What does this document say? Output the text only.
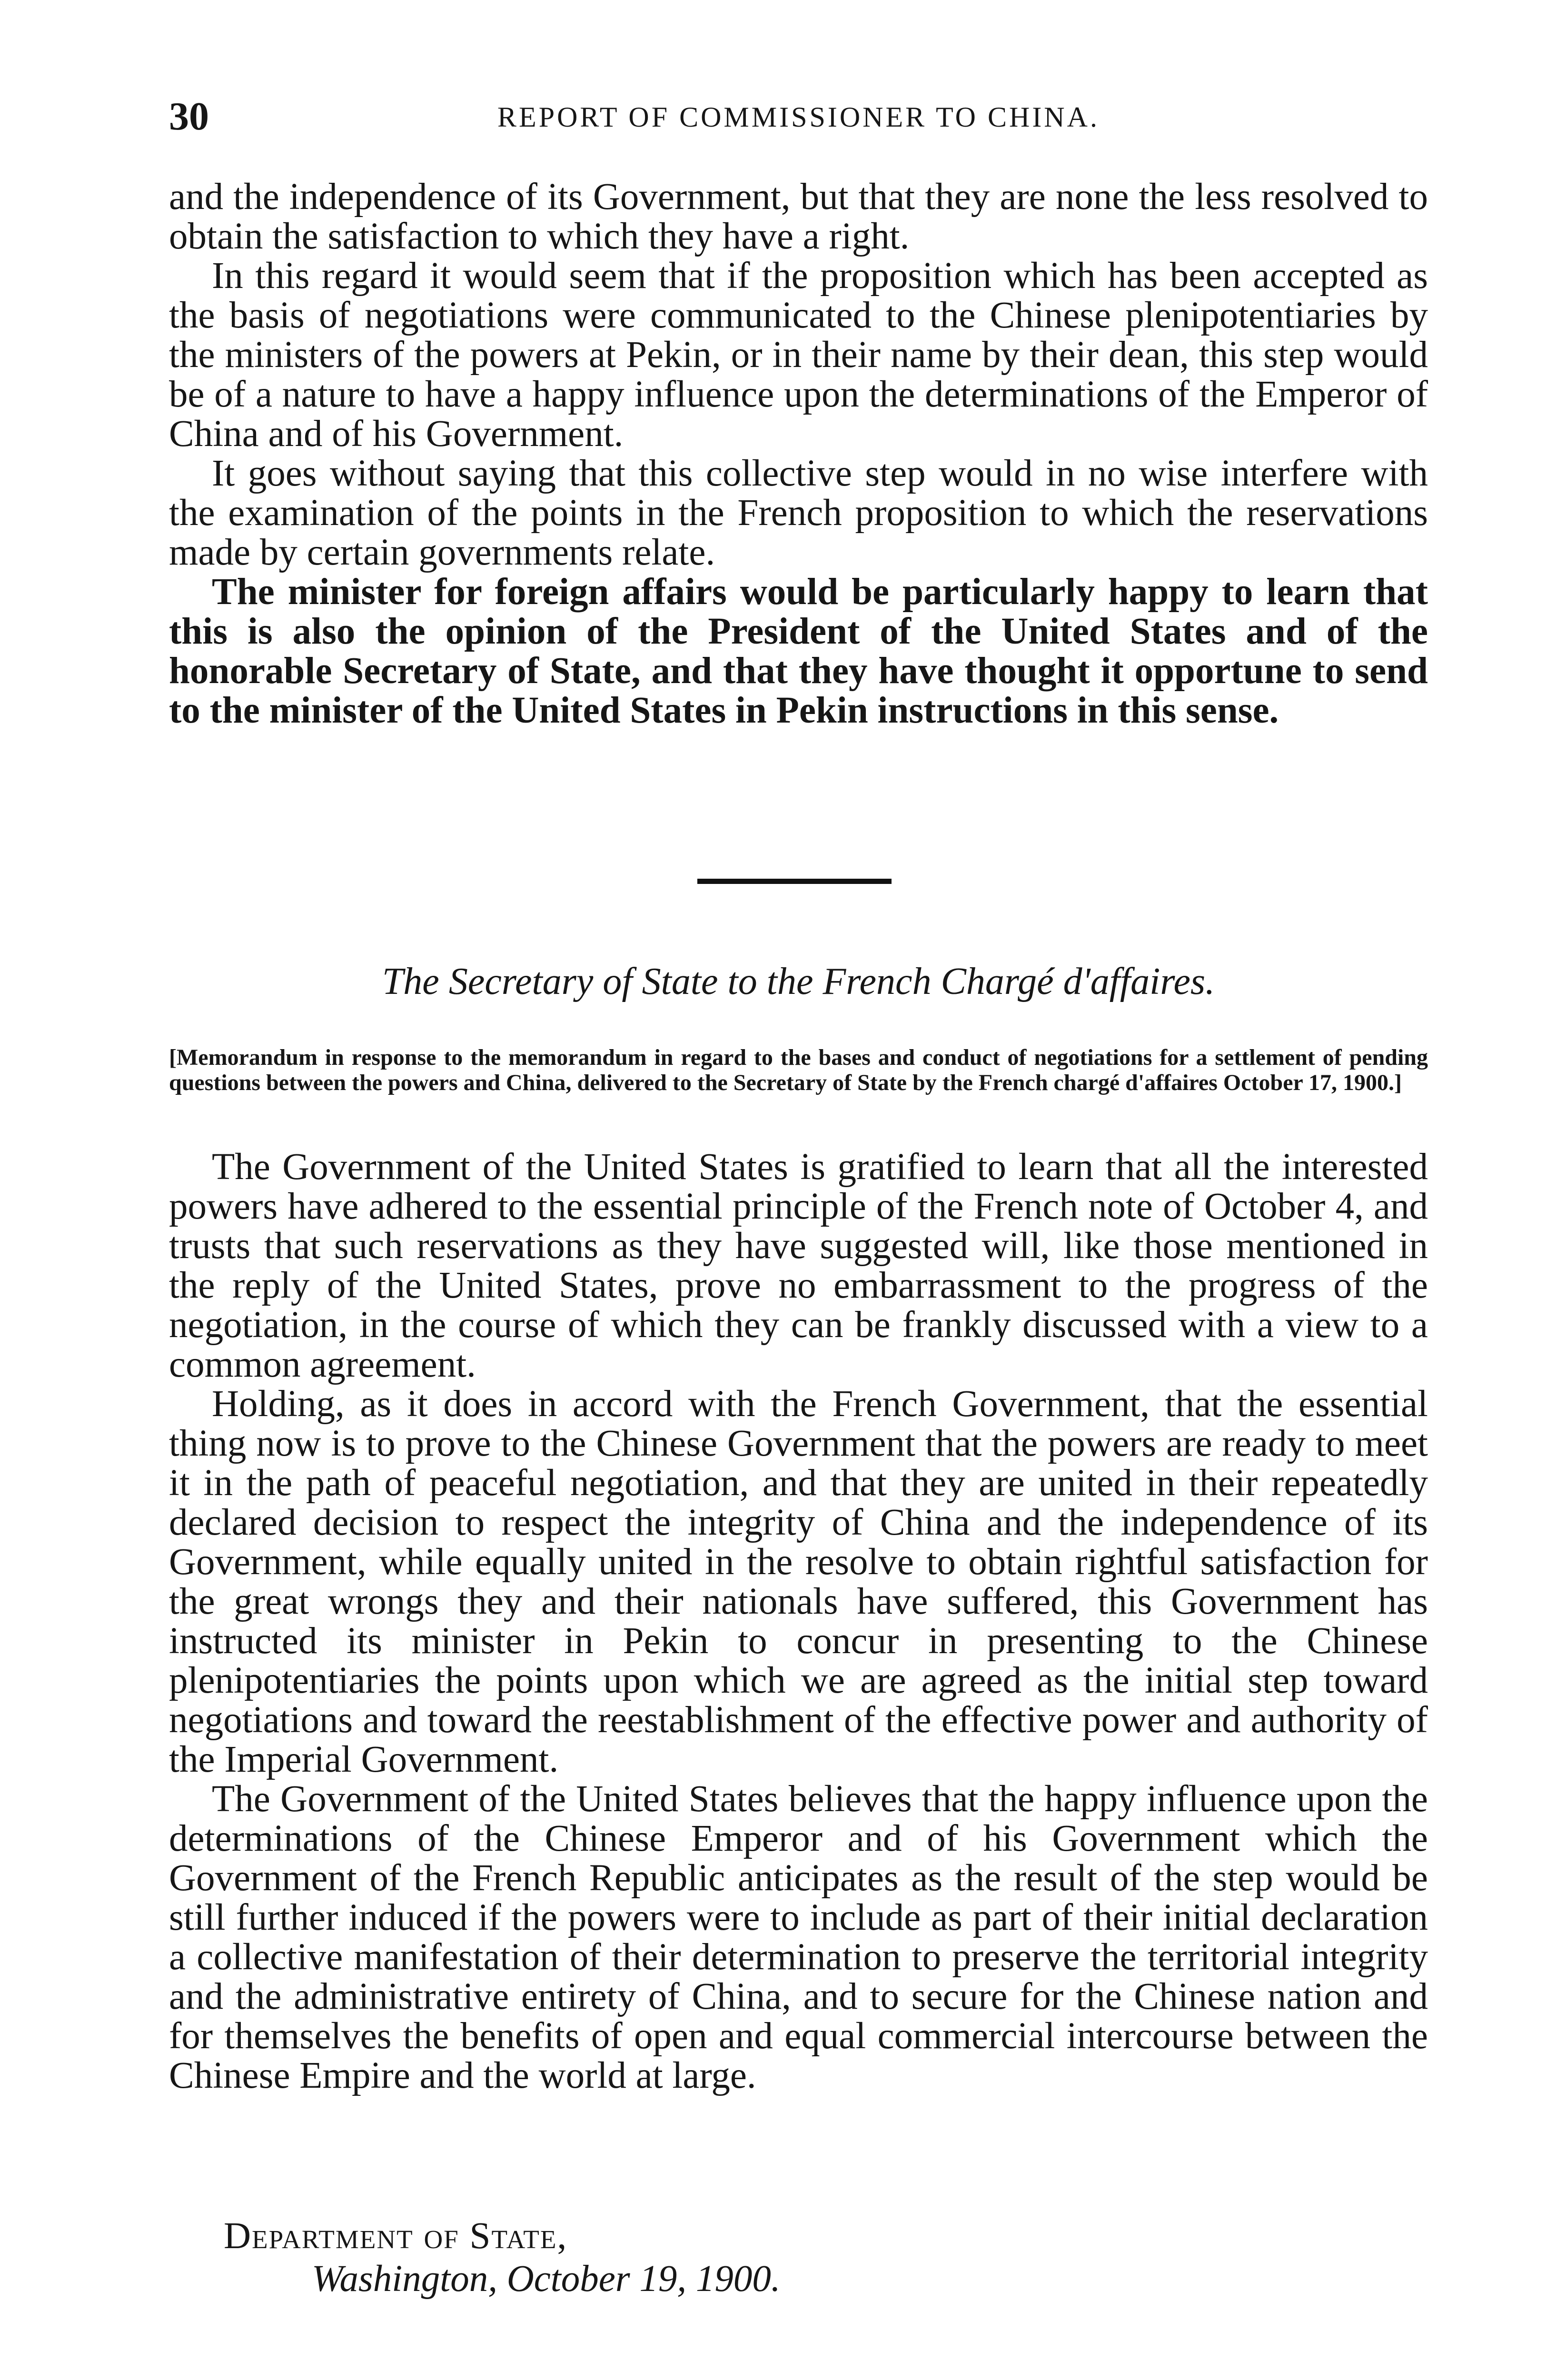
30	REPORT OF COMMISSIONER TO CHINA.

and the independence of its Government, but that they are none the less resolved to obtain the satisfaction to which they have a right.

In this regard it would seem that if the proposition which has been accepted as the basis of negotiations were communicated to the Chinese plenipotentiaries by the ministers of the powers at Pekin, or in their name by their dean, this step would be of a nature to have a happy influence upon the determinations of the Emperor of China and of his Government.

It goes without saying that this collective step would in no wise interfere with the examination of the points in the French proposition to which the reservations made by certain governments relate.

The minister for foreign affairs would be particularly happy to learn that this is also the opinion of the President of the United States and of the honorable Secretary of State, and that they have thought it opportune to send to the minister of the United States in Pekin instructions in this sense.

The Secretary of State to the French Chargé d'affaires.

[Memorandum in response to the memorandum in regard to the bases and conduct of negotiations for a settlement of pending questions between the powers and China, delivered to the Secretary of State by the French chargé d'affaires October 17, 1900.]

The Government of the United States is gratified to learn that all the interested powers have adhered to the essential principle of the French note of October 4, and trusts that such reservations as they have suggested will, like those mentioned in the reply of the United States, prove no embarrassment to the progress of the negotiation, in the course of which they can be frankly discussed with a view to a common agreement.

Holding, as it does in accord with the French Government, that the essential thing now is to prove to the Chinese Government that the powers are ready to meet it in the path of peaceful negotiation, and that they are united in their repeatedly declared decision to respect the integrity of China and the independence of its Government, while equally united in the resolve to obtain rightful satisfaction for the great wrongs they and their nationals have suffered, this Government has instructed its minister in Pekin to concur in presenting to the Chinese plenipotentiaries the points upon which we are agreed as the initial step toward negotiations and toward the reestablishment of the effective power and authority of the Imperial Government.

The Government of the United States believes that the happy influence upon the determinations of the Chinese Emperor and of his Government which the Government of the French Republic anticipates as the result of the step would be still further induced if the powers were to include as part of their initial declaration a collective manifestation of their determination to preserve the territorial integrity and the administrative entirety of China, and to secure for the Chinese nation and for themselves the benefits of open and equal commercial intercourse between the Chinese Empire and the world at large.

Department of State,
Washington, October 19, 1900.
